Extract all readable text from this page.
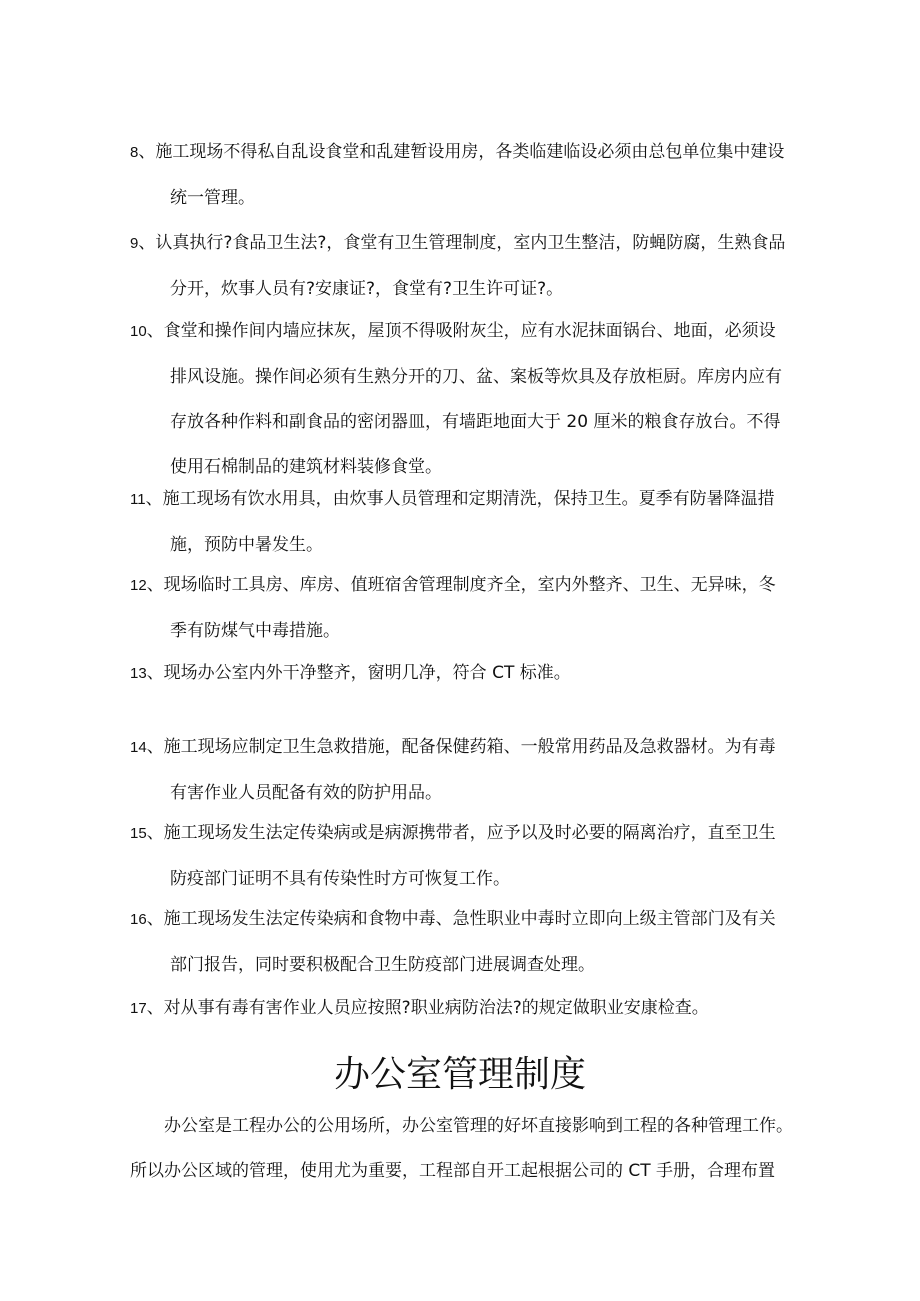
8、施工现场不得私自乱设食堂和乱建暂设用房，各类临建临设必须由总包单位集中建设
统一管理。
9、认真执行?食品卫生法?，食堂有卫生管理制度，室内卫生整洁，防蝇防腐，生熟食品
分开，炊事人员有?安康证?，食堂有?卫生许可证?。
10、食堂和操作间内墙应抹灰，屋顶不得吸附灰尘，应有水泥抹面锅台、地面，必须设
排风设施。操作间必须有生熟分开的刀、盆、案板等炊具及存放柜厨。库房内应有
存放各种作料和副食品的密闭器皿，有墙距地面大于 20 厘米的粮食存放台。不得
使用石棉制品的建筑材料装修食堂。
11、施工现场有饮水用具，由炊事人员管理和定期清洗，保持卫生。夏季有防暑降温措
施，预防中暑发生。
12、现场临时工具房、库房、值班宿舍管理制度齐全，室内外整齐、卫生、无异味，冬
季有防煤气中毒措施。
13、现场办公室内外干净整齐，窗明几净，符合 CT 标准。
14、施工现场应制定卫生急救措施，配备保健药箱、一般常用药品及急救器材。为有毒
有害作业人员配备有效的防护用品。
15、施工现场发生法定传染病或是病源携带者，应予以及时必要的隔离治疗，直至卫生
防疫部门证明不具有传染性时方可恢复工作。
16、施工现场发生法定传染病和食物中毒、急性职业中毒时立即向上级主管部门及有关
部门报告，同时要积极配合卫生防疫部门进展调查处理。
17、对从事有毒有害作业人员应按照?职业病防治法?的规定做职业安康检查。
办公室管理制度
　　办公室是工程办公的公用场所，办公室管理的好坏直接影响到工程的各种管理工作。
所以办公区域的管理，使用尤为重要，工程部自开工起根据公司的 CT 手册，合理布置
